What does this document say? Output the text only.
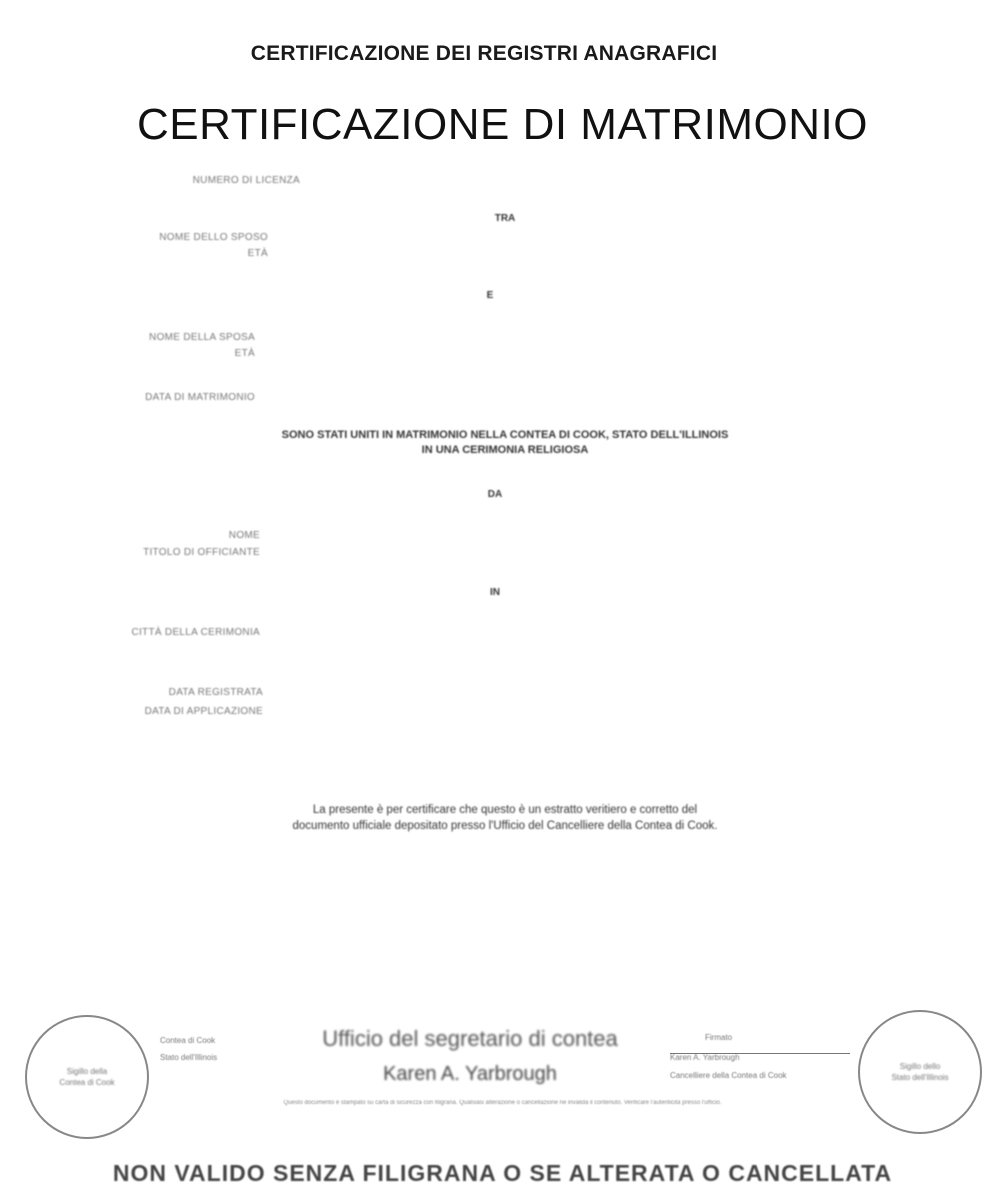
CERTIFICAZIONE DEI REGISTRI ANAGRAFICI
CERTIFICAZIONE DI MATRIMONIO
NUMERO DI LICENZA
TRA
NOME DELLO SPOSO
ETÀ
E
NOME DELLA SPOSA
ETÀ
DATA DI MATRIMONIO
SONO STATI UNITI IN MATRIMONIO NELLA CONTEA DI COOK, STATO DELL'ILLINOIS
IN UNA CERIMONIA RELIGIOSA
DA
NOME
TITOLO DI OFFICIANTE
IN
CITTÀ DELLA CERIMONIA
DATA REGISTRATA
DATA DI APPLICAZIONE
La presente è per certificare che questo è un estratto veritiero e corretto del
documento ufficiale depositato presso l'Ufficio del Cancelliere della Contea di Cook.
Sigillo della
Contea di Cook
Contea di Cook
Stato dell'Illinois
Ufficio del segretario di contea
Karen A. Yarbrough
Firmato
Karen A. Yarbrough
Cancelliere della Contea di Cook
Questo documento è stampato su carta di sicurezza con filigrana. Qualsiasi alterazione o cancellazione ne invalida il contenuto. Verificare l'autenticità presso l'ufficio.
Sigillo dello
Stato dell'Illinois
NON VALIDO SENZA FILIGRANA O SE ALTERATA O CANCELLATA
